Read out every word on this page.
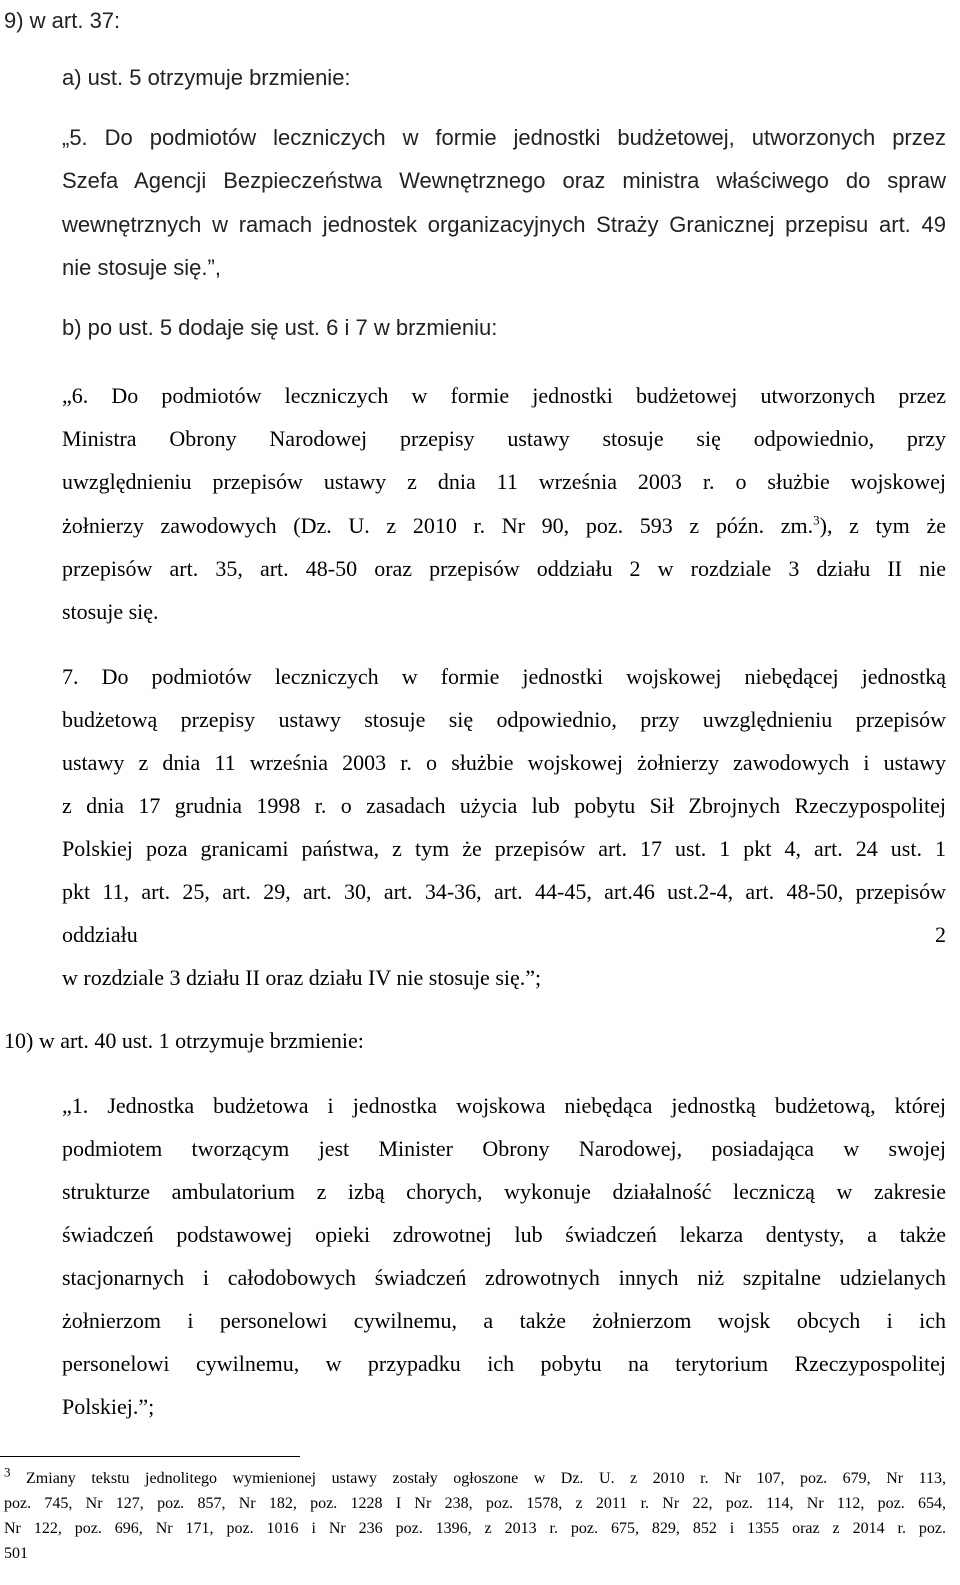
9) w art. 37:
a) ust. 5 otrzymuje brzmienie:
„5. Do podmiotów leczniczych w formie jednostki budżetowej, utworzonych przez
Szefa Agencji Bezpieczeństwa Wewnętrznego oraz ministra właściwego do spraw
wewnętrznych w ramach jednostek organizacyjnych Straży Granicznej przepisu art. 49
nie stosuje się.”,
b) po ust. 5 dodaje się ust. 6 i 7 w brzmieniu:
„6. Do podmiotów leczniczych w formie jednostki budżetowej utworzonych przez
Ministra Obrony Narodowej przepisy ustawy stosuje się odpowiednio, przy
uwzględnieniu przepisów ustawy z dnia 11 września 2003 r. o służbie wojskowej
żołnierzy zawodowych (Dz. U. z 2010 r. Nr 90, poz. 593 z późn. zm.$^3$), z tym że
przepisów art. 35, art. 48-50 oraz przepisów oddziału 2 w rozdziale 3 działu II nie
stosuje się.
7. Do podmiotów leczniczych w formie jednostki wojskowej niebędącej jednostką
budżetową przepisy ustawy stosuje się odpowiednio, przy uwzględnieniu przepisów
ustawy z dnia 11 września 2003 r. o służbie wojskowej żołnierzy zawodowych i ustawy
z dnia 17 grudnia 1998 r. o zasadach użycia lub pobytu Sił Zbrojnych Rzeczypospolitej
Polskiej poza granicami państwa, z tym że przepisów art. 17 ust. 1 pkt 4, art. 24 ust. 1
pkt 11, art. 25, art. 29, art. 30, art. 34-36, art. 44-45, art.46 ust.2-4, art. 48-50, przepisów
oddziału	2
w rozdziale 3 działu II oraz działu IV nie stosuje się.”;
10) w art. 40 ust. 1 otrzymuje brzmienie:
„1. Jednostka budżetowa i jednostka wojskowa niebędąca jednostką budżetową, której
podmiotem tworzącym jest Minister Obrony Narodowej, posiadająca w swojej
strukturze ambulatorium z izbą chorych, wykonuje działalność leczniczą w zakresie
świadczeń podstawowej opieki zdrowotnej lub świadczeń lekarza dentysty, a także
stacjonarnych i całodobowych świadczeń zdrowotnych innych niż szpitalne udzielanych
żołnierzom i personelowi cywilnemu, a także żołnierzom wojsk obcych i ich
personelowi cywilnemu, w przypadku ich pobytu na terytorium Rzeczypospolitej
Polskiej.”;
$^3$ Zmiany tekstu jednolitego wymienionej ustawy zostały ogłoszone w Dz. U. z 2010 r. Nr 107, poz. 679, Nr 113,
poz. 745, Nr 127, poz. 857, Nr 182, poz. 1228 I Nr 238, poz. 1578, z 2011 r. Nr 22, poz. 114, Nr 112, poz. 654,
Nr 122, poz. 696, Nr 171, poz. 1016 i Nr 236 poz. 1396, z 2013 r. poz. 675, 829, 852 i 1355 oraz z 2014 r. poz.
501
